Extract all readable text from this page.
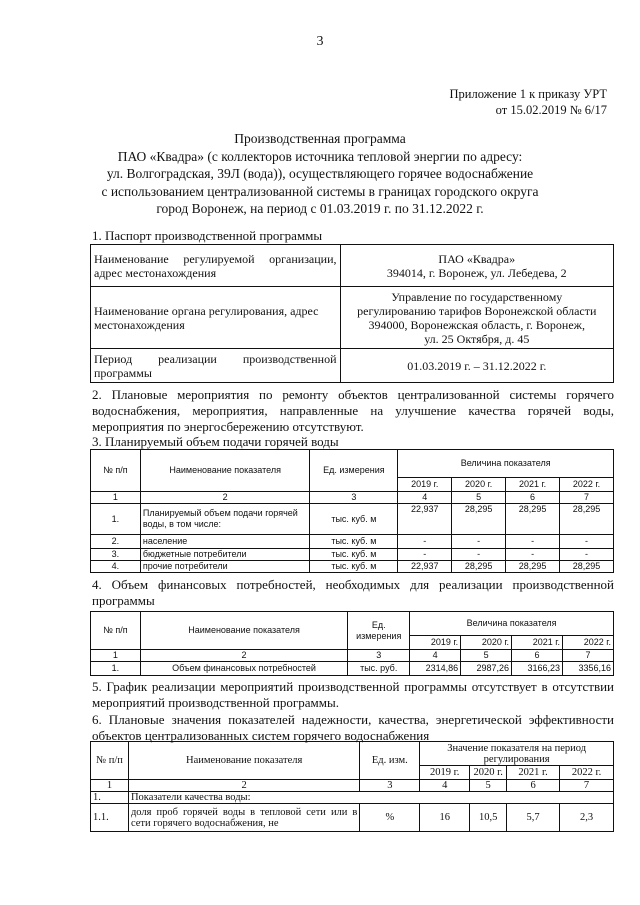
3
Приложение 1 к приказу УРТ
от 15.02.2019 № 6/17
Производственная программа
ПАО «Квадра» (с коллекторов источника тепловой энергии по адресу:
ул. Волгоградская, 39Л (вода)), осуществляющего горячее водоснабжение
с использованием централизованной системы в границах городского округа
город Воронеж, на период с 01.03.2019 г. по 31.12.2022 г.
1. Паспорт производственной программы
Наименование регулируемой организации, адрес местонахождения	ПАО «Квадра»
394014, г. Воронеж, ул. Лебедева, 2

Наименование органа регулирования, адрес местонахождения	Управление по государственному
регулированию тарифов Воронежской области
394000, Воронежская область, г. Воронеж,
ул. 25 Октября, д. 45

Период реализации производственной программы	01.03.2019 г. – 31.12.2022 г.
2. Плановые мероприятия по ремонту объектов централизованной системы горячего водоснабжения, мероприятия, направленные на улучшение качества горячей воды, мероприятия по энергосбережению отсутствуют.
3. Планируемый объем подачи горячей воды
№ п/п	Наименование показателя	Ед. измерения	Величина показателя			
			2019 г.	2020 г.	2021 г.	2022 г.
1	2	3	4	5	6	7
1.	Планируемый объем подачи горячей воды, в том числе:	тыс. куб. м	22,937	28,295	28,295	28,295
2.	население	тыс. куб. м	-	-	-	-
3.	бюджетные потребители	тыс. куб. м	-	-	-	-
4.	прочие потребители	тыс. куб. м	22,937	28,295	28,295	28,295
4. Объем финансовых потребностей, необходимых для реализации производственной программы
№ п/п	Наименование показателя	Ед. измерения	Величина показателя			
			2019 г.	2020 г.	2021 г.	2022 г.
1	2	3	4	5	6	7
1.	Объем финансовых потребностей	тыс. руб.	2314,86	2987,26	3166,23	3356,16
5. График реализации мероприятий производственной программы отсутствует в отсутствии мероприятий производственной программы.
6. Плановые значения показателей надежности, качества, энергетической эффективности объектов централизованных систем горячего водоснабжения
№ п/п	Наименование показателя	Ед. изм.	Значение показателя на период регулирования			
			2019 г.	2020 г.	2021 г.	2022 г.
1	2	3	4	5	6	7
1.	Показатели качества воды:					
1.1.	доля проб горячей воды в тепловой сети или в сети горячего водоснабжения, не	%	16	10,5	5,7	2,3
